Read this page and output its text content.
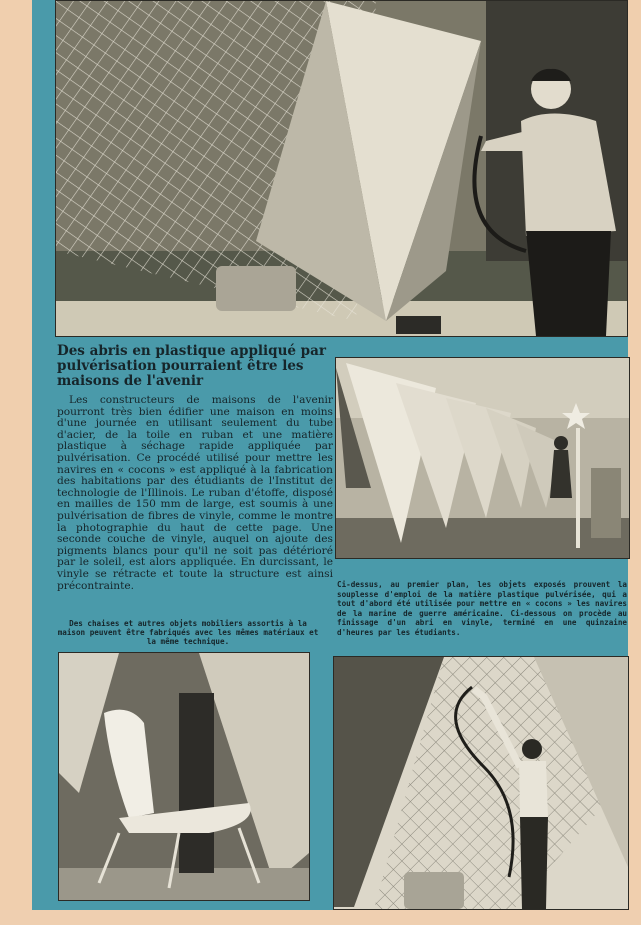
Des abris en plastique appliqué par pulvérisation pourraient être les maisons de l'avenir

Les constructeurs de maisons de l'avenir pourront très bien édifier une maison en moins d'une journée en utilisant seulement du tube d'acier, de la toile en ruban et une matière plastique à séchage rapide appliquée par pulvérisation. Ce procédé utilisé pour mettre les navires en « cocons » est appliqué à la fabrication des habitations par des étudiants de l'Institut de technologie de l'Illinois. Le ruban d'étoffe, disposé en mailles de 150 mm de large, est soumis à une pulvérisation de fibres de vinyle, comme le montre la photographie du haut de cette page. Une seconde couche de vinyle, auquel on ajoute des pigments blancs pour qu'il ne soit pas détérioré par le soleil, est alors appliquée. En durcissant, le vinyle se rétracte et toute la structure est ainsi précontrainte.	Ci-dessus, au premier plan, les objets exposés prouvent la souplesse d'emploi de la matière plastique pulvérisée, qui a tout d'abord été utilisée pour mettre en « cocons » les navires de la marine de guerre américaine. Ci-dessous on procède au finissage d'un abri en vinyle, terminé en une quinzaine d'heures par les étudiants.

Des chaises et autres objets mobiliers assortis à la maison peuvent être fabriqués avec les mêmes matériaux et la même technique.
